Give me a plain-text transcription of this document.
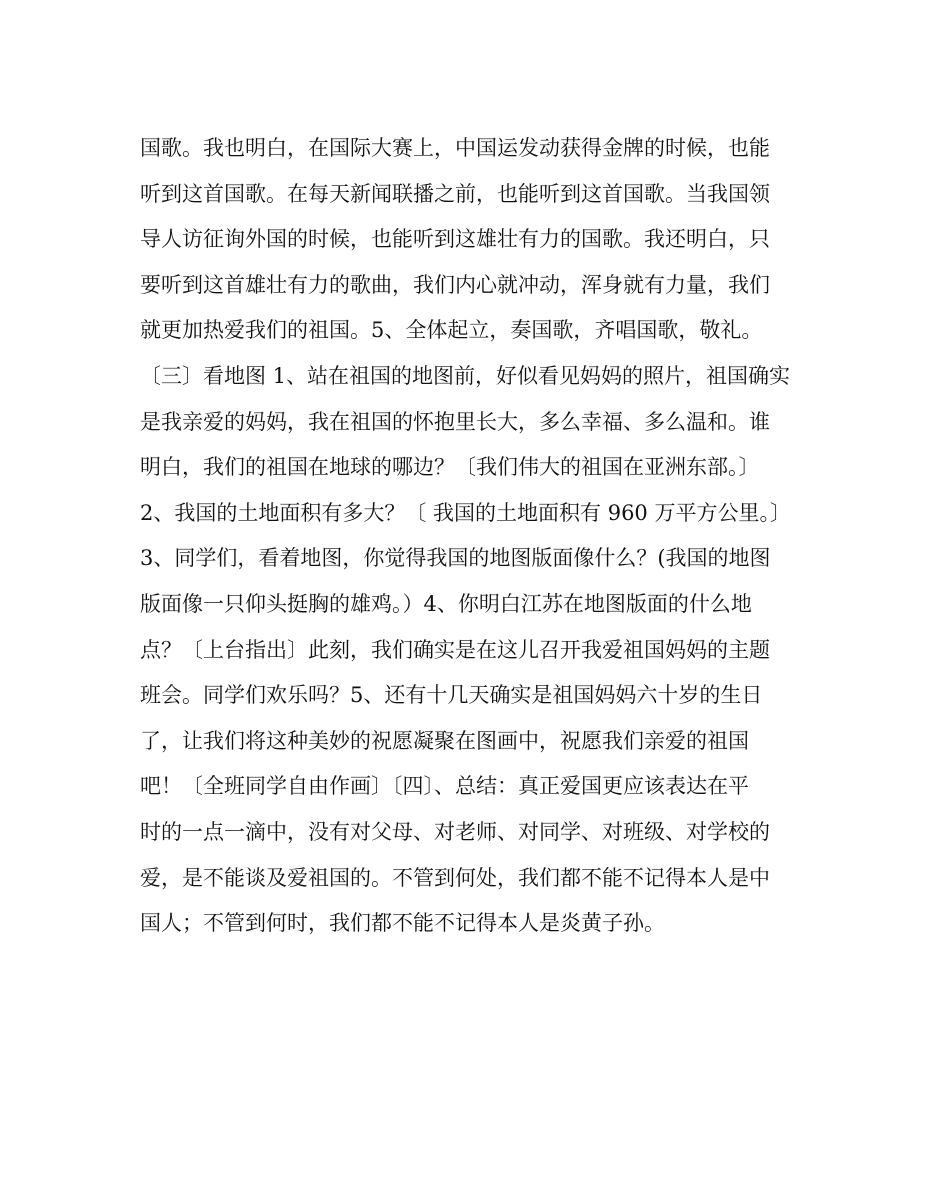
国歌。我也明白，在国际大赛上，中国运发动获得金牌的时候，也能
听到这首国歌。在每天新闻联播之前，也能听到这首国歌。当我国领
导人访征询外国的时候，也能听到这雄壮有力的国歌。我还明白，只
要听到这首雄壮有力的歌曲，我们内心就冲动，浑身就有力量，我们
就更加热爱我们的祖国。5、全体起立，奏国歌，齐唱国歌，敬礼。
〔三〕看地图 1、站在祖国的地图前，好似看见妈妈的照片，祖国确实
是我亲爱的妈妈，我在祖国的怀抱里长大，多么幸福、多么温和。谁
明白，我们的祖国在地球的哪边？〔我们伟大的祖国在亚洲东部。〕
2、我国的土地面积有多大？〔 我国的土地面积有 960 万平方公里。〕
3、同学们，看着地图，你觉得我国的地图版面像什么？(我国的地图
版面像一只仰头挺胸的雄鸡。）4、你明白江苏在地图版面的什么地
点？〔上台指出〕此刻，我们确实是在这儿召开我爱祖国妈妈的主题
班会。同学们欢乐吗？5、还有十几天确实是祖国妈妈六十岁的生日
了，让我们将这种美妙的祝愿凝聚在图画中，祝愿我们亲爱的祖国
吧！〔全班同学自由作画〕〔四〕、总结：真正爱国更应该表达在平
时的一点一滴中，没有对父母、对老师、对同学、对班级、对学校的
爱，是不能谈及爱祖国的。不管到何处，我们都不能不记得本人是中
国人；不管到何时，我们都不能不记得本人是炎黄子孙。
